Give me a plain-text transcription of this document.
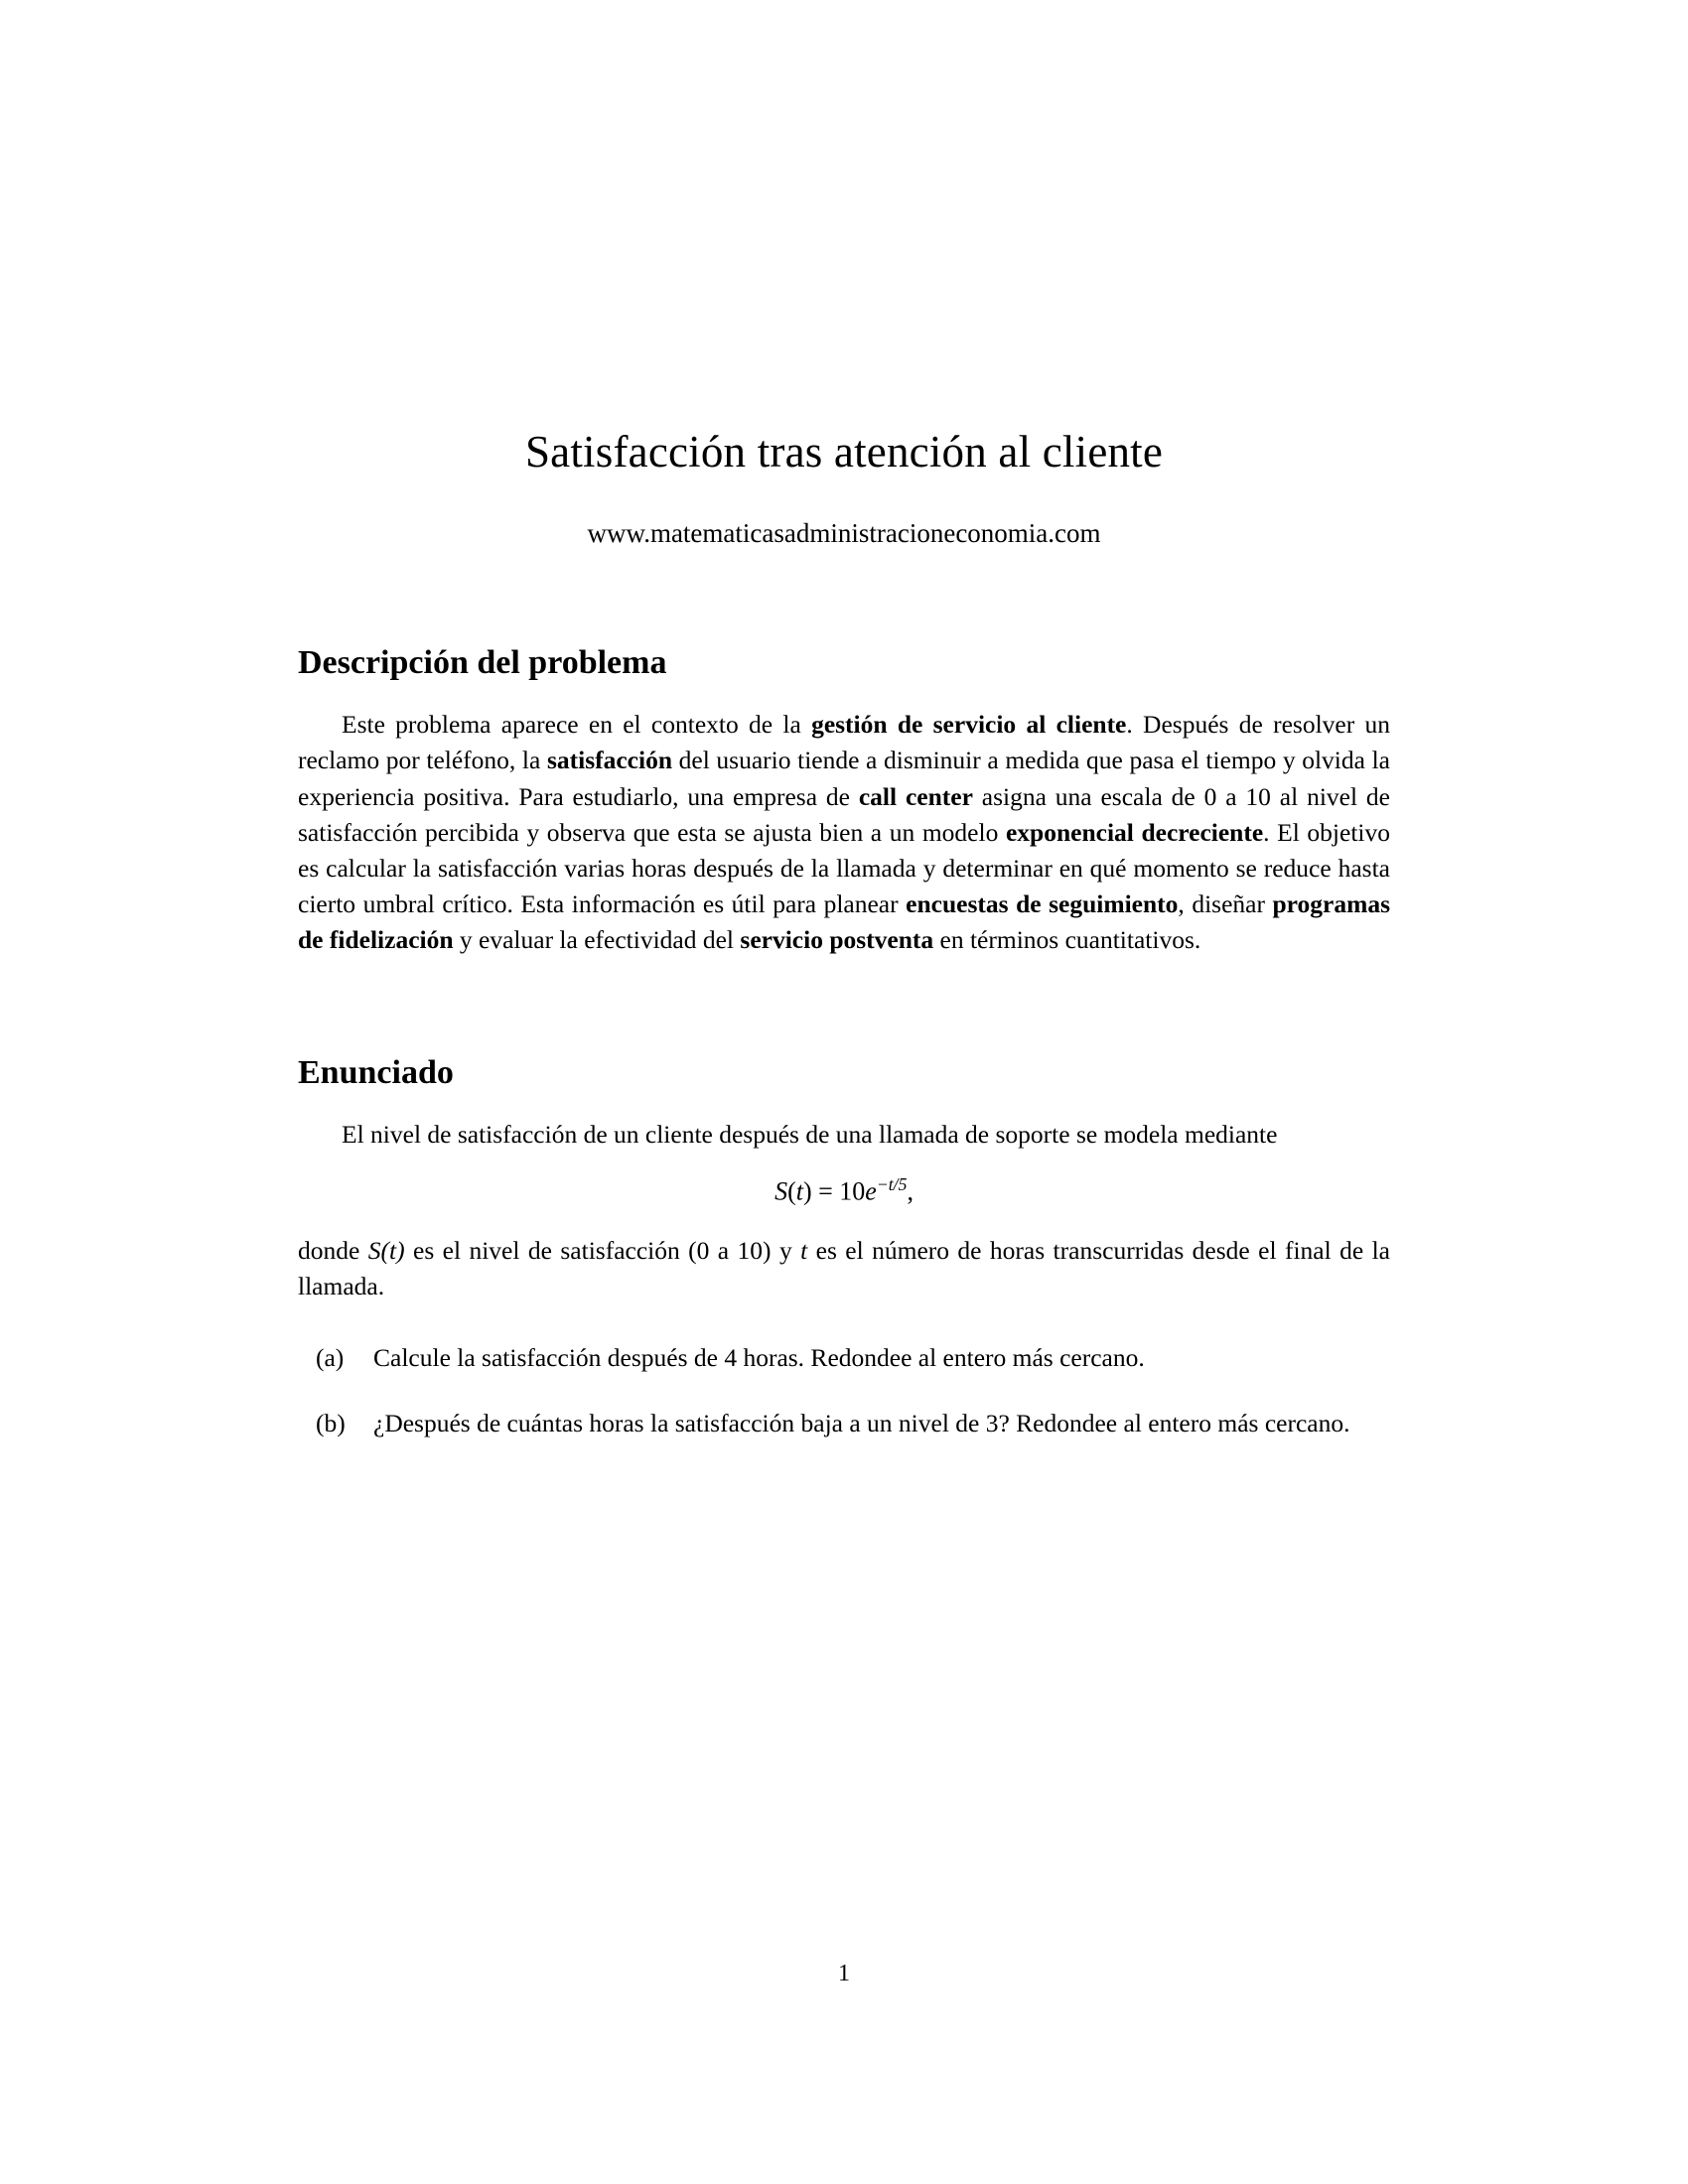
Satisfacción tras atención al cliente
www.matematicasadministracioneconomia.com
Descripción del problema

Este problema aparece en el contexto de la gestión de servicio al cliente. Después de resolver un reclamo por teléfono, la satisfacción del usuario tiende a disminuir a medida que pasa el tiempo y olvida la experiencia positiva. Para estudiarlo, una empresa de call center asigna una escala de 0 a 10 al nivel de satisfacción percibida y observa que esta se ajusta bien a un modelo exponencial decreciente. El objetivo es calcular la satisfacción varias horas después de la llamada y determinar en qué momento se reduce hasta cierto umbral crítico. Esta información es útil para planear encuestas de seguimiento, diseñar programas de fidelización y evaluar la efectividad del servicio postventa en términos cuantitativos.

Enunciado

El nivel de satisfacción de un cliente después de una llamada de soporte se modela mediante

$S(t) = 10e^{-t/5}$,

donde S(t) es el nivel de satisfacción (0 a 10) y t es el número de horas transcurridas desde el final de la llamada.

(a)	Calcule la satisfacción después de 4 horas. Redondee al entero más cercano.
(b)	¿Después de cuántas horas la satisfacción baja a un nivel de 3? Redondee al entero más cercano.
1
